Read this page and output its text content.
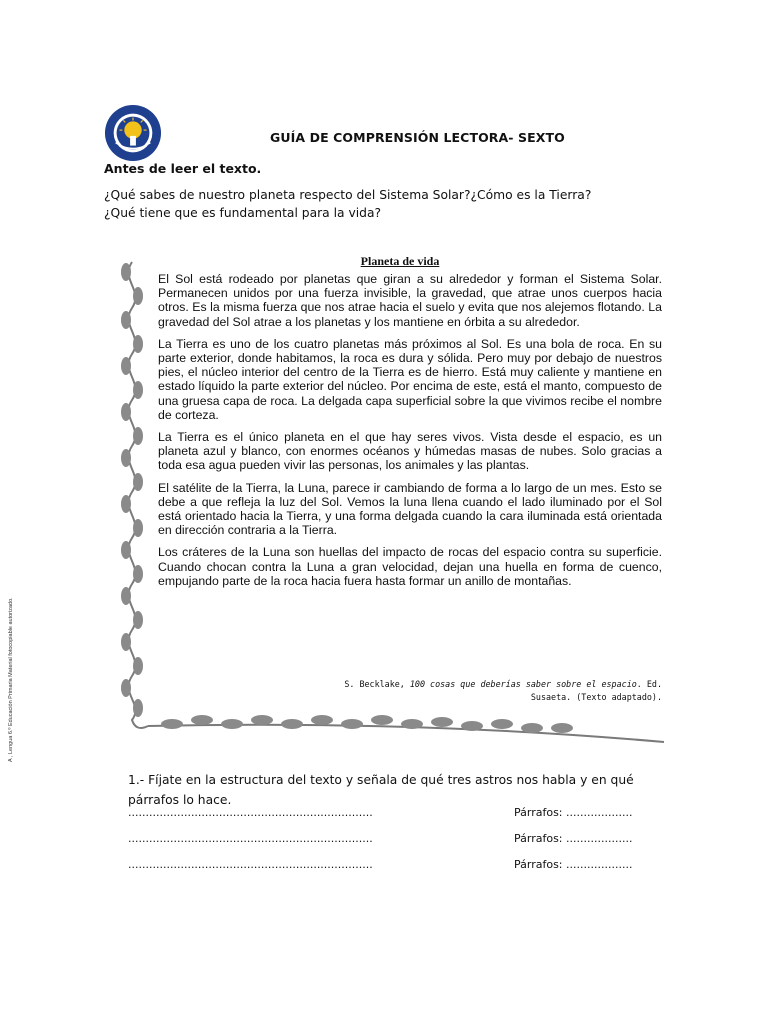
GUÍA DE COMPRENSIÓN LECTORA- SEXTO
Antes de leer el texto.
¿Qué sabes de nuestro planeta respecto del Sistema Solar?¿Cómo es la Tierra?
¿Qué tiene que es fundamental para la vida?
Planeta de vida

El Sol está rodeado por planetas que giran a su alrededor y forman el Sistema Solar. Permanecen unidos por una fuerza invisible, la gravedad, que atrae unos cuerpos hacia otros. Es la misma fuerza que nos atrae hacia el suelo y evita que nos alejemos flotando. La gravedad del Sol atrae a los planetas y los mantiene en órbita a su alrededor.

La Tierra es uno de los cuatro planetas más próximos al Sol. Es una bola de roca. En su parte exterior, donde habitamos, la roca es dura y sólida. Pero muy por debajo de nuestros pies, el núcleo interior del centro de la Tierra es de hierro. Está muy caliente y mantiene en estado líquido la parte exterior del núcleo. Por encima de este, está el manto, compuesto de una gruesa capa de roca. La delgada capa superficial sobre la que vivimos recibe el nombre de corteza.

La Tierra es el único planeta en el que hay seres vivos. Vista desde el espacio, es un planeta azul y blanco, con enormes océanos y húmedas masas de nubes. Solo gracias a toda esa agua pueden vivir las personas, los animales y las plantas.

El satélite de la Tierra, la Luna, parece ir cambiando de forma a lo largo de un mes. Esto se debe a que refleja la luz del Sol. Vemos la luna llena cuando el lado iluminado por el Sol está orientado hacia la Tierra, y una forma delgada cuando la cara iluminada está orientada en dirección contraria a la Tierra.

Los cráteres de la Luna son huellas del impacto de rocas del espacio contra su superficie. Cuando chocan contra la Luna a gran velocidad, dejan una huella en forma de cuenco, empujando parte de la roca hacia fuera hasta formar un anillo de montañas.

S. Becklake, 100 cosas que deberías saber sobre el espacio. Ed.
Susaeta. (Texto adaptado).
A , Lengua 6.º Educación Primaria Material fotocopiable autorizado.
1.- Fíjate en la estructura del texto y señala de qué tres astros nos habla y en qué párrafos lo hace.
......................................................................	Párrafos: ...................
......................................................................	Párrafos: ...................
......................................................................	Párrafos: ...................
